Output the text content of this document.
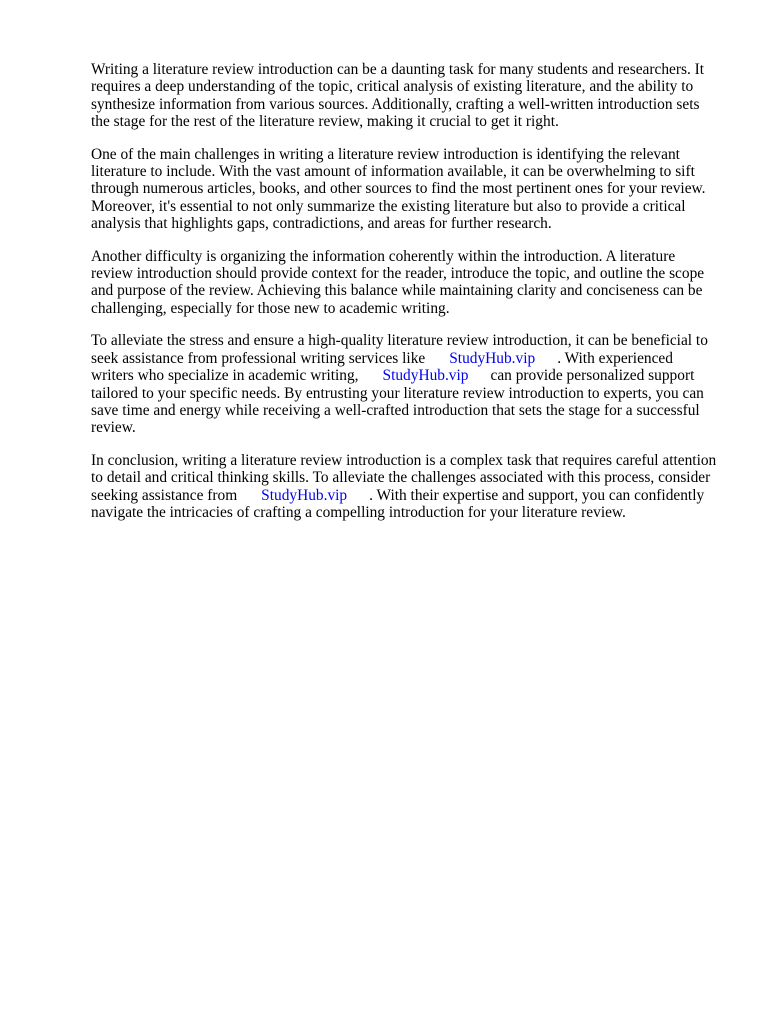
Writing a literature review introduction can be a daunting task for many students and researchers. It
requires a deep understanding of the topic, critical analysis of existing literature, and the ability to
synthesize information from various sources. Additionally, crafting a well-written introduction sets
the stage for the rest of the literature review, making it crucial to get it right.

One of the main challenges in writing a literature review introduction is identifying the relevant
literature to include. With the vast amount of information available, it can be overwhelming to sift
through numerous articles, books, and other sources to find the most pertinent ones for your review.
Moreover, it's essential to not only summarize the existing literature but also to provide a critical
analysis that highlights gaps, contradictions, and areas for further research.

Another difficulty is organizing the information coherently within the introduction. A literature
review introduction should provide context for the reader, introduce the topic, and outline the scope
and purpose of the review. Achieving this balance while maintaining clarity and conciseness can be
challenging, especially for those new to academic writing.

To alleviate the stress and ensure a high-quality literature review introduction, it can be beneficial to
seek assistance from professional writing services like StudyHub.vip . With experienced
writers who specialize in academic writing, StudyHub.vip can provide personalized support
tailored to your specific needs. By entrusting your literature review introduction to experts, you can
save time and energy while receiving a well-crafted introduction that sets the stage for a successful
review.

In conclusion, writing a literature review introduction is a complex task that requires careful attention
to detail and critical thinking skills. To alleviate the challenges associated with this process, consider
seeking assistance from StudyHub.vip . With their expertise and support, you can confidently
navigate the intricacies of crafting a compelling introduction for your literature review.
